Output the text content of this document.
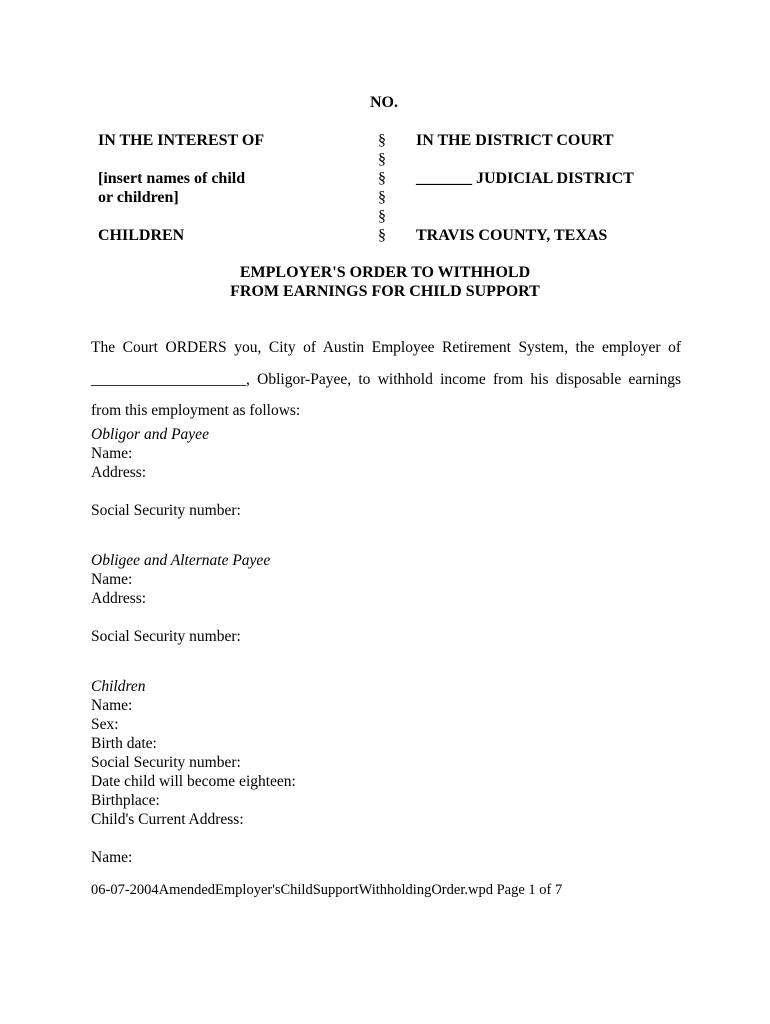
NO.
IN THE INTEREST OF
[insert names of child
or children]
CHILDREN
§
§
§
§
§
§
IN THE DISTRICT COURT
_______ JUDICIAL DISTRICT
TRAVIS COUNTY, TEXAS
EMPLOYER'S ORDER TO WITHHOLD
FROM EARNINGS FOR CHILD SUPPORT

The Court ORDERS you, City of Austin Employee Retirement System, the employer of

____________________, Obligor-Payee, to withhold income from his disposable earnings

from this employment as follows:

Obligor and Payee
Name:
Address:
Social Security number:
Obligee and Alternate Payee
Name:
Address:
Social Security number:
Children
Name:
Sex:
Birth date:
Social Security number:
Date child will become eighteen:
Birthplace:
Child's Current Address:
Name:
06-07-2004AmendedEmployer'sChildSupportWithholdingOrder.wpd Page 1 of 7
